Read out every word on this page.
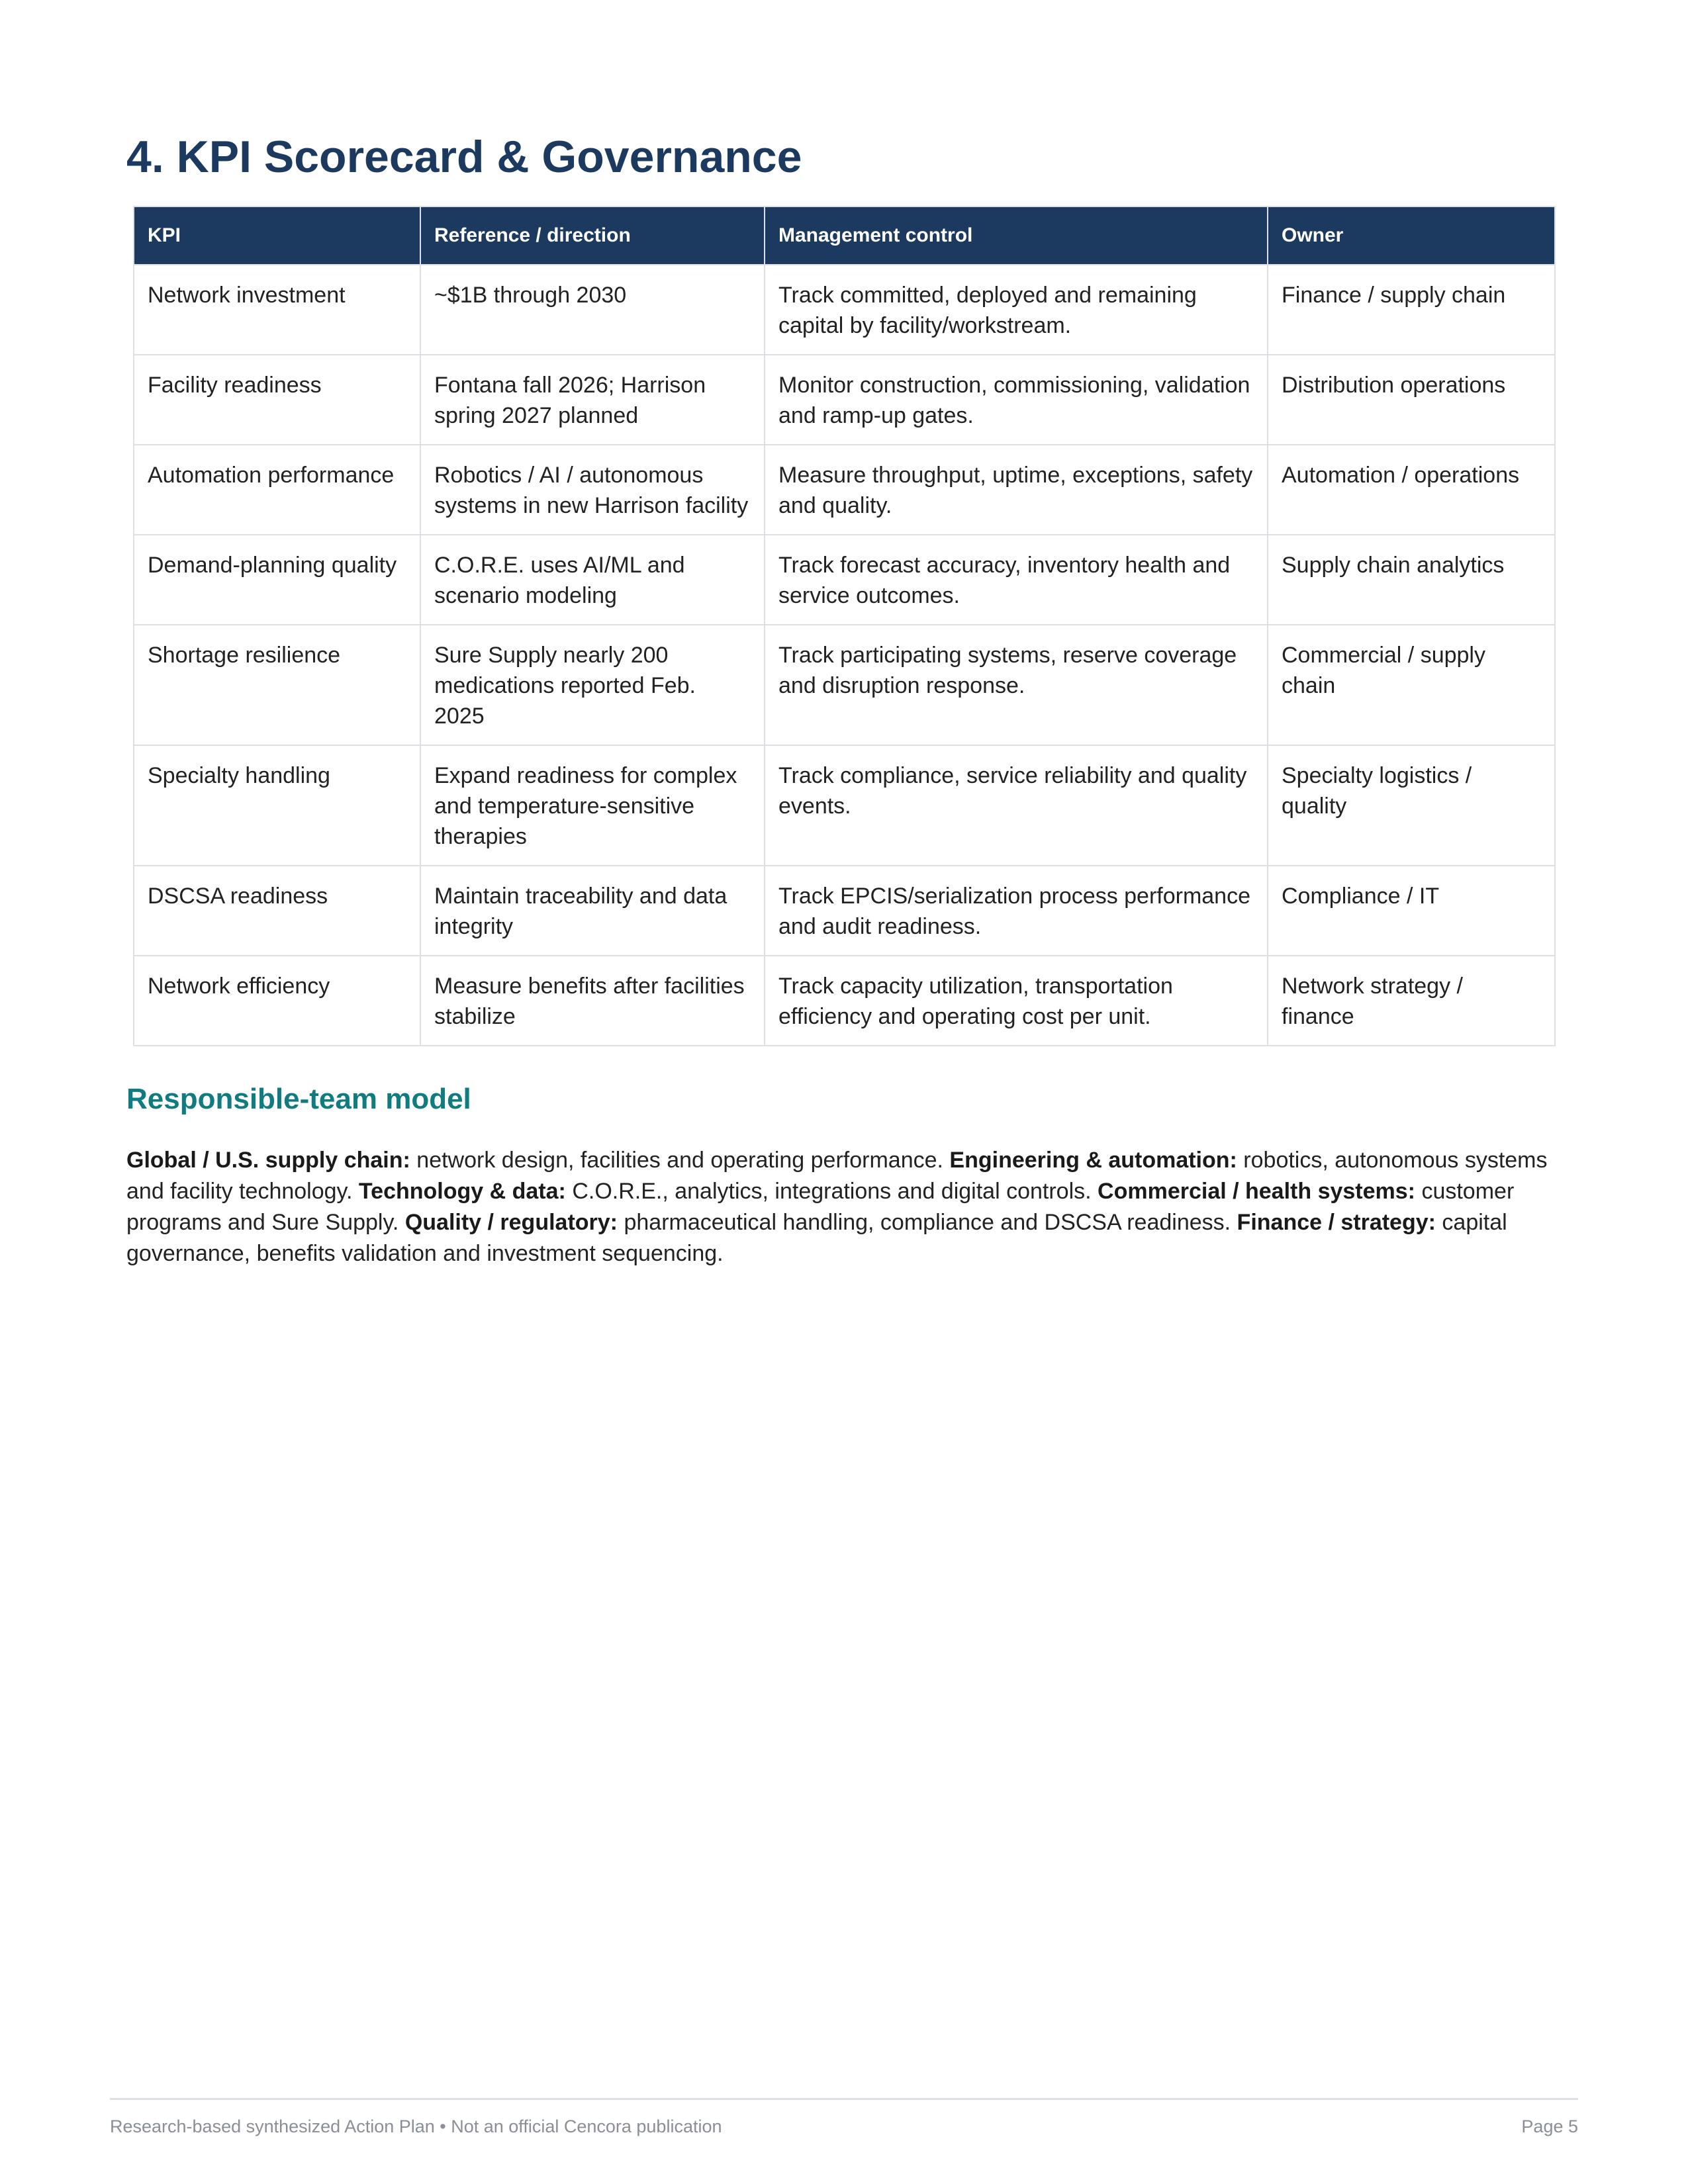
4. KPI Scorecard & Governance
KPI	Reference / direction	Management control	Owner
Network investment	~$1B through 2030	Track committed, deployed and remaining capital by facility/workstream.	Finance / supply chain
Facility readiness	Fontana fall 2026; Harrison spring 2027 planned	Monitor construction, commissioning, validation and ramp-up gates.	Distribution operations
Automation performance	Robotics / AI / autonomous systems in new Harrison facility	Measure throughput, uptime, exceptions, safety and quality.	Automation / operations
Demand-planning quality	C.O.R.E. uses AI/ML and scenario modeling	Track forecast accuracy, inventory health and service outcomes.	Supply chain analytics
Shortage resilience	Sure Supply nearly 200 medications reported Feb. 2025	Track participating systems, reserve coverage and disruption response.	Commercial / supply chain
Specialty handling	Expand readiness for complex and temperature-sensitive therapies	Track compliance, service reliability and quality events.	Specialty logistics / quality
DSCSA readiness	Maintain traceability and data integrity	Track EPCIS/serialization process performance and audit readiness.	Compliance / IT
Network efficiency	Measure benefits after facilities stabilize	Track capacity utilization, transportation efficiency and operating cost per unit.	Network strategy / finance
Responsible-team model

Global / U.S. supply chain: network design, facilities and operating performance. Engineering & automation: robotics, autonomous systems and facility technology. Technology & data: C.O.R.E., analytics, integrations and digital controls. Commercial / health systems: customer programs and Sure Supply. Quality / regulatory: pharmaceutical handling, compliance and DSCSA readiness. Finance / strategy: capital governance, benefits validation and investment sequencing.

Research-based synthesized Action Plan • Not an official Cencora publication	Page 5
